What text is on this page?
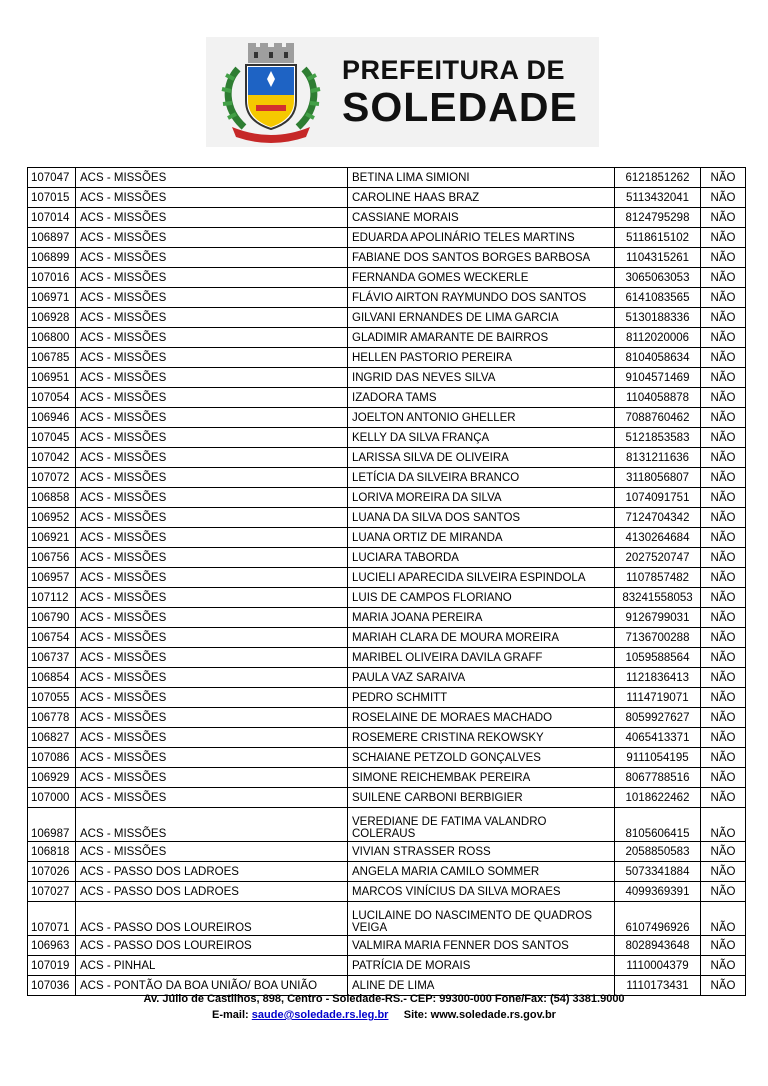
PREFEITURA DE
SOLEDADE
107047	ACS - MISSÕES	BETINA LIMA SIMIONI	6121851262	NÃO
107015	ACS - MISSÕES	CAROLINE HAAS BRAZ	5113432041	NÃO
107014	ACS - MISSÕES	CASSIANE MORAIS	8124795298	NÃO
106897	ACS - MISSÕES	EDUARDA APOLINÁRIO TELES MARTINS	5118615102	NÃO
106899	ACS - MISSÕES	FABIANE DOS SANTOS BORGES BARBOSA	1104315261	NÃO
107016	ACS - MISSÕES	FERNANDA GOMES WECKERLE	3065063053	NÃO
106971	ACS - MISSÕES	FLÁVIO AIRTON RAYMUNDO DOS SANTOS	6141083565	NÃO
106928	ACS - MISSÕES	GILVANI ERNANDES DE LIMA GARCIA	5130188336	NÃO
106800	ACS - MISSÕES	GLADIMIR AMARANTE DE BAIRROS	8112020006	NÃO
106785	ACS - MISSÕES	HELLEN PASTORIO PEREIRA	8104058634	NÃO
106951	ACS - MISSÕES	INGRID DAS NEVES SILVA	9104571469	NÃO
107054	ACS - MISSÕES	IZADORA TAMS	1104058878	NÃO
106946	ACS - MISSÕES	JOELTON ANTONIO GHELLER	7088760462	NÃO
107045	ACS - MISSÕES	KELLY DA SILVA FRANÇA	5121853583	NÃO
107042	ACS - MISSÕES	LARISSA SILVA DE OLIVEIRA	8131211636	NÃO
107072	ACS - MISSÕES	LETÍCIA DA SILVEIRA BRANCO	3118056807	NÃO
106858	ACS - MISSÕES	LORIVA MOREIRA DA SILVA	1074091751	NÃO
106952	ACS - MISSÕES	LUANA DA SILVA DOS SANTOS	7124704342	NÃO
106921	ACS - MISSÕES	LUANA ORTIZ DE MIRANDA	4130264684	NÃO
106756	ACS - MISSÕES	LUCIARA TABORDA	2027520747	NÃO
106957	ACS - MISSÕES	LUCIELI APARECIDA SILVEIRA ESPINDOLA	1107857482	NÃO
107112	ACS - MISSÕES	LUIS DE CAMPOS FLORIANO	83241558053	NÃO
106790	ACS - MISSÕES	MARIA JOANA PEREIRA	9126799031	NÃO
106754	ACS - MISSÕES	MARIAH CLARA DE MOURA MOREIRA	7136700288	NÃO
106737	ACS - MISSÕES	MARIBEL OLIVEIRA DAVILA GRAFF	1059588564	NÃO
106854	ACS - MISSÕES	PAULA VAZ SARAIVA	1121836413	NÃO
107055	ACS - MISSÕES	PEDRO SCHMITT	1114719071	NÃO
106778	ACS - MISSÕES	ROSELAINE DE MORAES MACHADO	8059927627	NÃO
106827	ACS - MISSÕES	ROSEMERE CRISTINA REKOWSKY	4065413371	NÃO
107086	ACS - MISSÕES	SCHAIANE PETZOLD GONÇALVES	9111054195	NÃO
106929	ACS - MISSÕES	SIMONE REICHEMBAK PEREIRA	8067788516	NÃO
107000	ACS - MISSÕES	SUILENE CARBONI BERBIGIER	1018622462	NÃO
106987	ACS - MISSÕES	VEREDIANE DE FATIMA VALANDRO COLERAUS	8105606415	NÃO
106818	ACS - MISSÕES	VIVIAN STRASSER ROSS	2058850583	NÃO
107026	ACS - PASSO DOS LADROES	ANGELA MARIA CAMILO SOMMER	5073341884	NÃO
107027	ACS - PASSO DOS LADROES	MARCOS VINÍCIUS DA SILVA MORAES	4099369391	NÃO
107071	ACS - PASSO DOS LOUREIROS	LUCILAINE DO NASCIMENTO DE QUADROS VEIGA	6107496926	NÃO
106963	ACS - PASSO DOS LOUREIROS	VALMIRA MARIA FENNER DOS SANTOS	8028943648	NÃO
107019	ACS - PINHAL	PATRÍCIA DE MORAIS	1110004379	NÃO
107036	ACS - PONTÃO DA BOA UNIÃO/ BOA UNIÃO	ALINE DE LIMA	1110173431	NÃO
Av. Júlio de Castilhos, 898, Centro - Soledade-RS.- CEP: 99300-000 Fone/Fax: (54) 3381.9000
E-mail: saude@soledade.rs.leg.br Site: www.soledade.rs.gov.br
